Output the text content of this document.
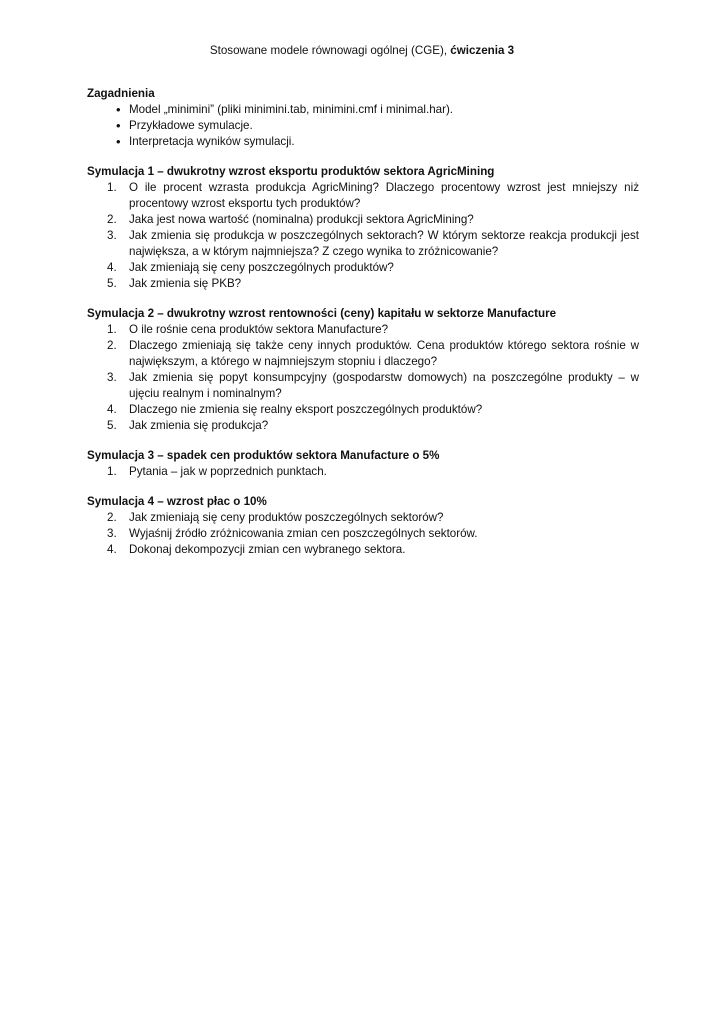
Stosowane modele równowagi ogólnej (CGE), ćwiczenia 3

Zagadnienia

• Model „minimini” (pliki minimini.tab, minimini.cmf i minimal.har).
• Przykładowe symulacje.
• Interpretacja wyników symulacji.

Symulacja 1 – dwukrotny wzrost eksportu produktów sektora AgricMining

1. O ile procent wzrasta produkcja AgricMining? Dlaczego procentowy wzrost jest mniejszy niż procentowy wzrost eksportu tych produktów?
2. Jaka jest nowa wartość (nominalna) produkcji sektora AgricMining?
3. Jak zmienia się produkcja w poszczególnych sektorach? W którym sektorze reakcja produkcji jest największa, a w którym najmniejsza? Z czego wynika to zróżnicowanie?
4. Jak zmieniają się ceny poszczególnych produktów?
5. Jak zmienia się PKB?

Symulacja 2 – dwukrotny wzrost rentowności (ceny) kapitału w sektorze Manufacture

1. O ile rośnie cena produktów sektora Manufacture?
2. Dlaczego zmieniają się także ceny innych produktów. Cena produktów którego sektora rośnie w największym, a którego w najmniejszym stopniu i dlaczego?
3. Jak zmienia się popyt konsumpcyjny (gospodarstw domowych) na poszczególne produkty – w ujęciu realnym i nominalnym?
4. Dlaczego nie zmienia się realny eksport poszczególnych produktów?
5. Jak zmienia się produkcja?

Symulacja 3 – spadek cen produktów sektora Manufacture o 5%

1. Pytania – jak w poprzednich punktach.

Symulacja 4 – wzrost płac o 10%

2. Jak zmieniają się ceny produktów poszczególnych sektorów?
3. Wyjaśnij źródło zróżnicowania zmian cen poszczególnych sektorów.
4. Dokonaj dekompozycji zmian cen wybranego sektora.
